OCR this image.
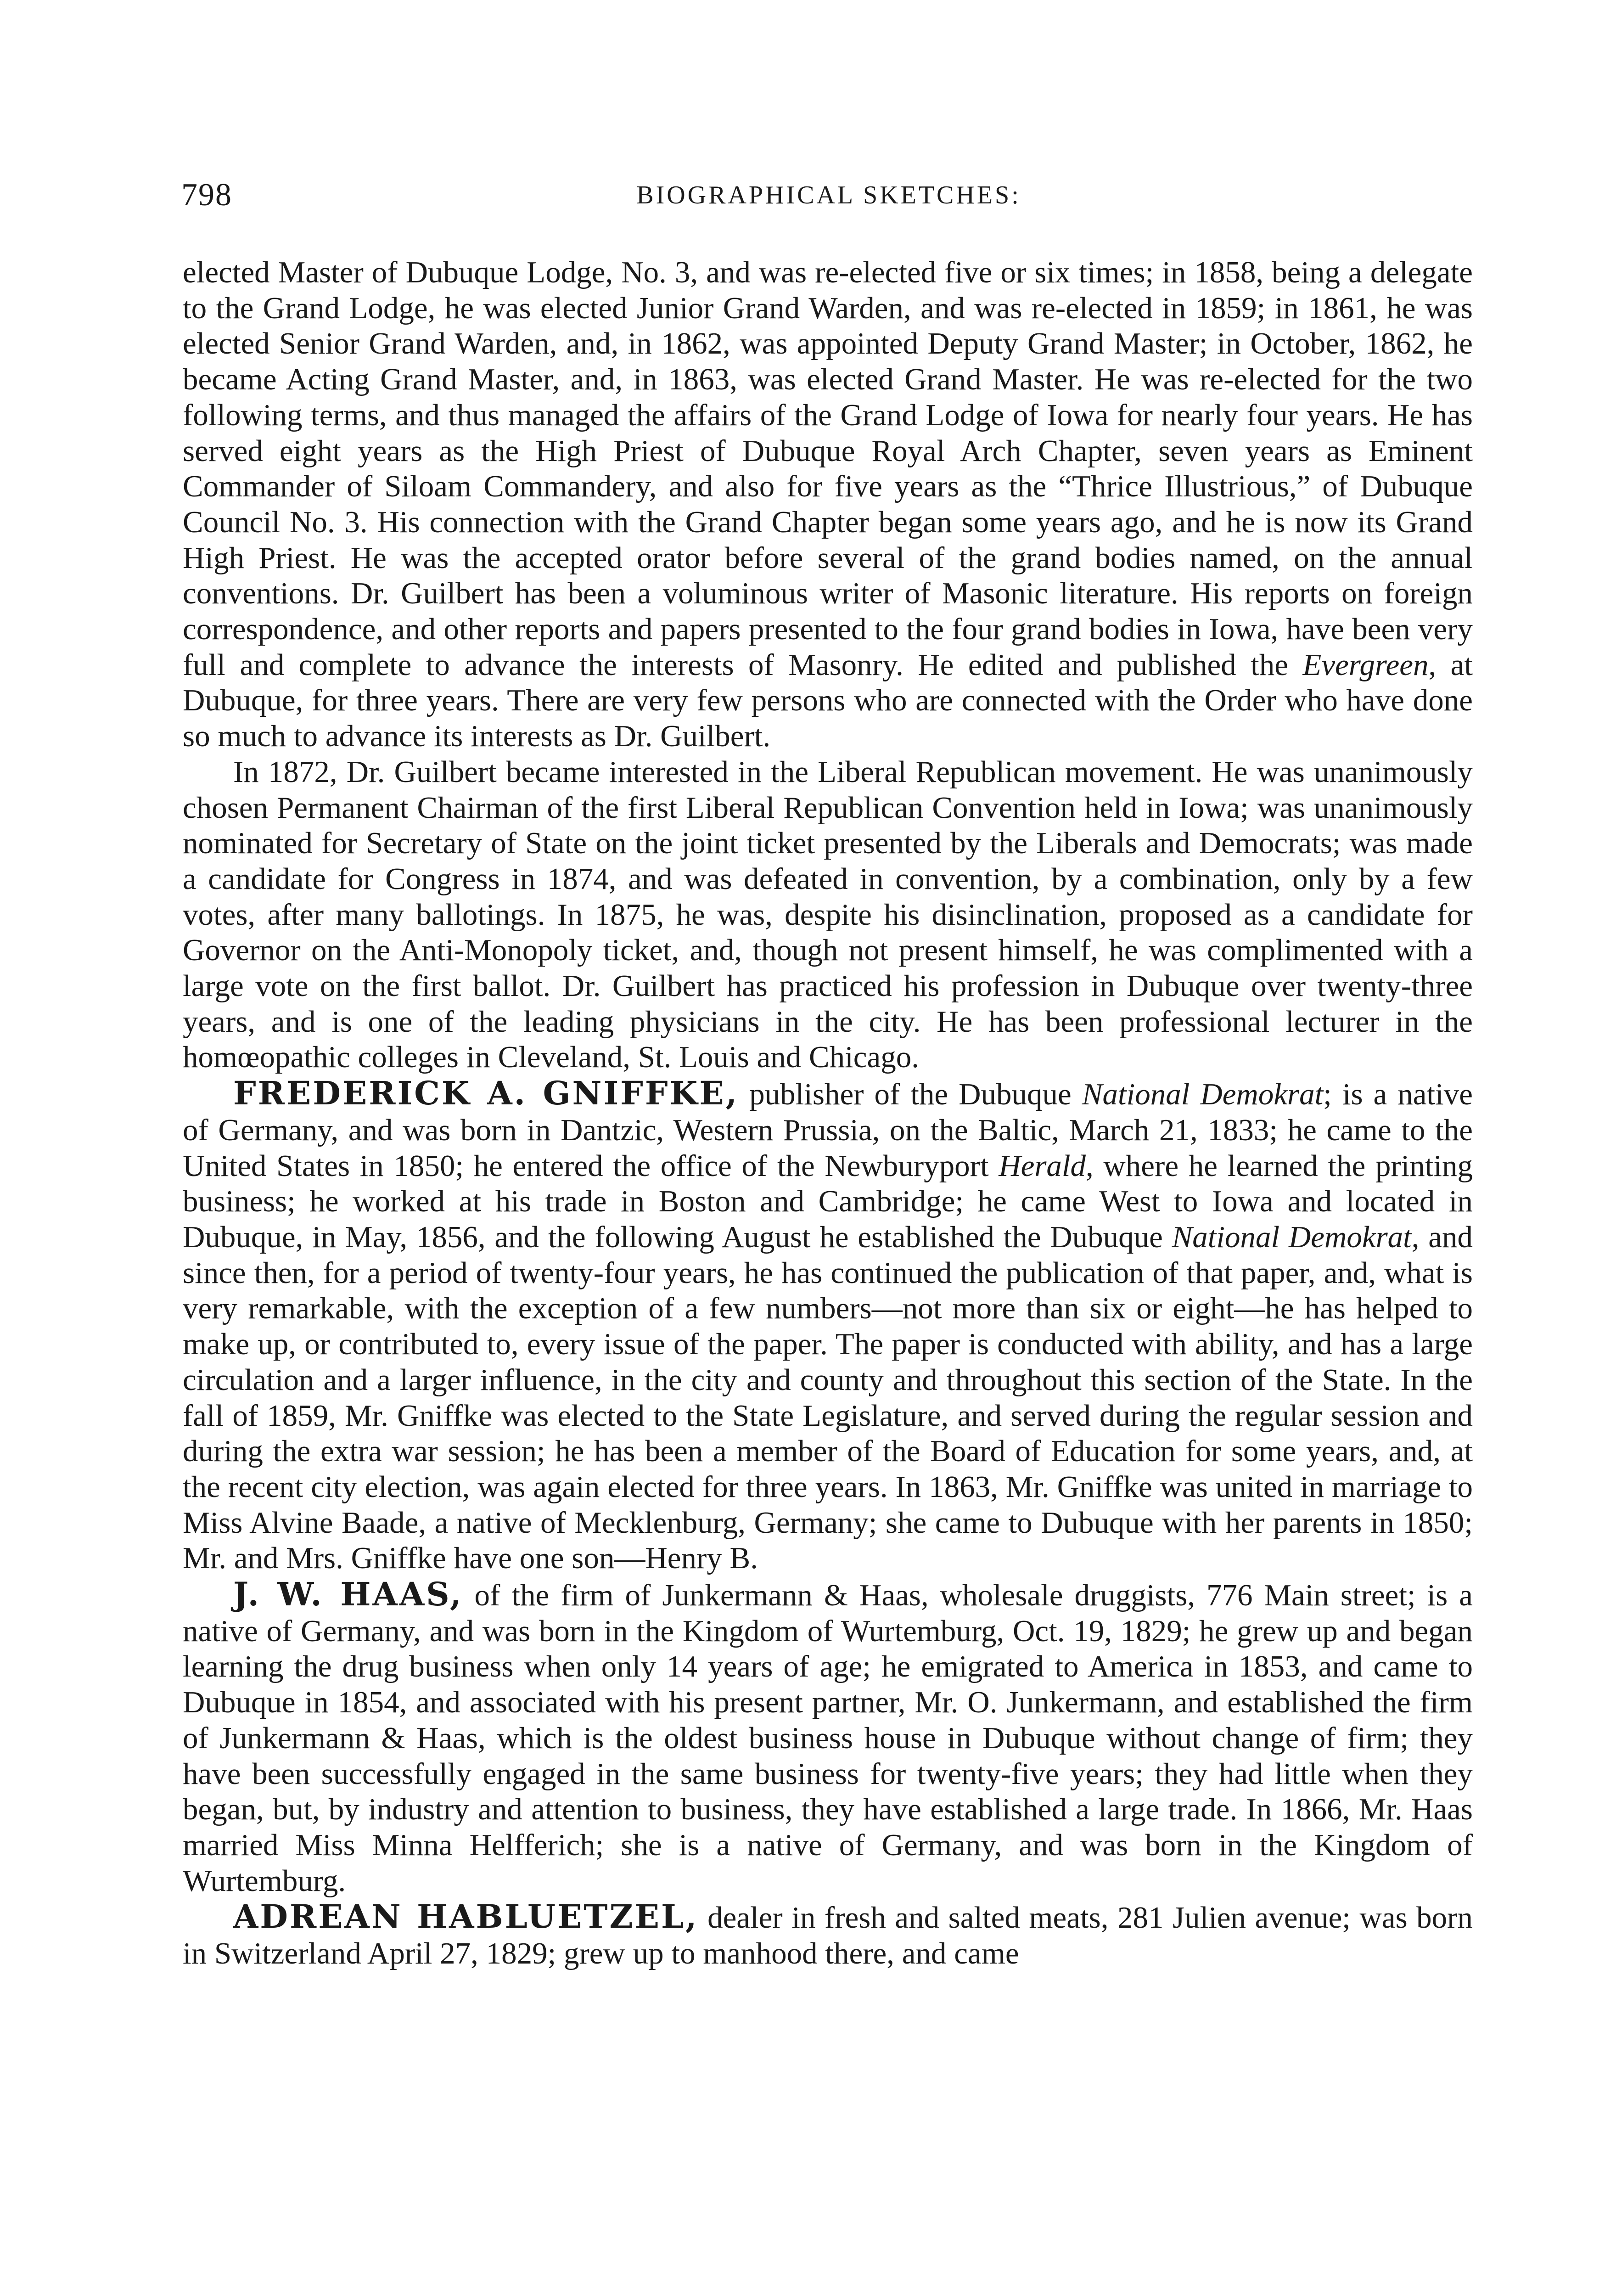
798	BIOGRAPHICAL SKETCHES:

elected Master of Dubuque Lodge, No. 3, and was re-elected five or six times; in 1858, being a delegate to the Grand Lodge, he was elected Junior Grand Warden, and was re-elected in 1859; in 1861, he was elected Senior Grand Warden, and, in 1862, was appointed Deputy Grand Master; in October, 1862, he became Acting Grand Master, and, in 1863, was elected Grand Master. He was re-elected for the two following terms, and thus managed the affairs of the Grand Lodge of Iowa for nearly four years. He has served eight years as the High Priest of Dubuque Royal Arch Chapter, seven years as Eminent Commander of Siloam Commandery, and also for five years as the “Thrice Illustrious,” of Dubuque Council No. 3. His connection with the Grand Chapter began some years ago, and he is now its Grand High Priest. He was the accepted orator before several of the grand bodies named, on the annual conventions. Dr. Guilbert has been a voluminous writer of Masonic literature. His reports on foreign correspondence, and other reports and papers presented to the four grand bodies in Iowa, have been very full and complete to advance the interests of Masonry. He edited and published the Evergreen, at Dubuque, for three years. There are very few persons who are connected with the Order who have done so much to advance its interests as Dr. Guilbert.

In 1872, Dr. Guilbert became interested in the Liberal Republican movement. He was unanimously chosen Permanent Chairman of the first Liberal Republican Convention held in Iowa; was unanimously nominated for Secretary of State on the joint ticket presented by the Liberals and Democrats; was made a candidate for Congress in 1874, and was defeated in convention, by a combination, only by a few votes, after many ballotings. In 1875, he was, despite his disinclination, proposed as a candidate for Governor on the Anti-Monopoly ticket, and, though not present himself, he was complimented with a large vote on the first ballot. Dr. Guilbert has practiced his profession in Dubuque over twenty-three years, and is one of the leading physicians in the city. He has been professional lecturer in the homœopathic colleges in Cleveland, St. Louis and Chicago.

FREDERICK A. GNIFFKE, publisher of the Dubuque National Demokrat; is a native of Germany, and was born in Dantzic, Western Prussia, on the Baltic, March 21, 1833; he came to the United States in 1850; he entered the office of the Newburyport Herald, where he learned the printing business; he worked at his trade in Boston and Cambridge; he came West to Iowa and located in Dubuque, in May, 1856, and the following August he established the Dubuque National Demokrat, and since then, for a period of twenty-four years, he has continued the publication of that paper, and, what is very remarkable, with the exception of a few numbers—not more than six or eight—he has helped to make up, or contributed to, every issue of the paper. The paper is conducted with ability, and has a large circulation and a larger influence, in the city and county and throughout this section of the State. In the fall of 1859, Mr. Gniffke was elected to the State Legislature, and served during the regular session and during the extra war session; he has been a member of the Board of Education for some years, and, at the recent city election, was again elected for three years. In 1863, Mr. Gniffke was united in marriage to Miss Alvine Baade, a native of Mecklenburg, Germany; she came to Dubuque with her parents in 1850; Mr. and Mrs. Gniffke have one son—Henry B.

J. W. HAAS, of the firm of Junkermann & Haas, wholesale druggists, 776 Main street; is a native of Germany, and was born in the Kingdom of Wurtemburg, Oct. 19, 1829; he grew up and began learning the drug business when only 14 years of age; he emigrated to America in 1853, and came to Dubuque in 1854, and associated with his present partner, Mr. O. Junkermann, and established the firm of Junkermann & Haas, which is the oldest business house in Dubuque without change of firm; they have been successfully engaged in the same business for twenty-five years; they had little when they began, but, by industry and attention to business, they have established a large trade. In 1866, Mr. Haas married Miss Minna Helfferich; she is a native of Germany, and was born in the Kingdom of Wurtemburg.

ADREAN HABLUETZEL, dealer in fresh and salted meats, 281 Julien avenue; was born in Switzerland April 27, 1829; grew up to manhood there, and came
